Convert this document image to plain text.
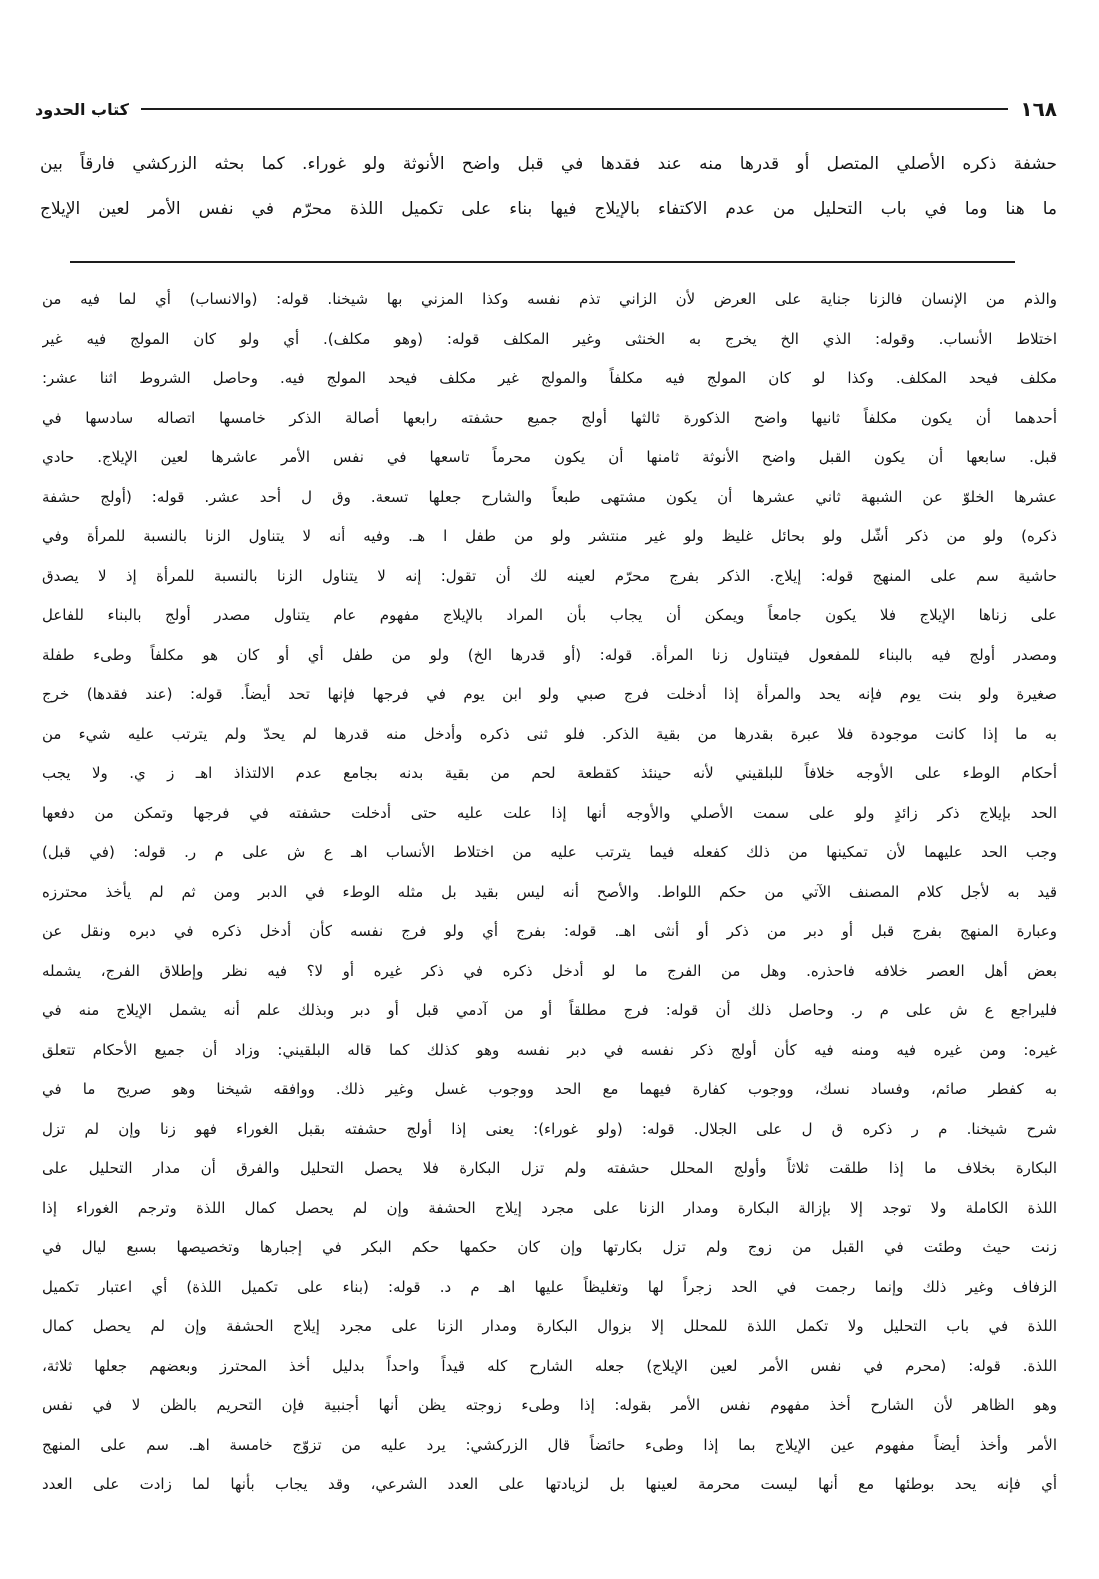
١٦٨
كتاب الحدود
حشفة ذكره الأصلي المتصل أو قدرها منه عند فقدها في قبل واضح الأنوثة ولو غوراء. كما بحثه الزركشي فارقاً بين
ما هنا وما في باب التحليل من عدم الاكتفاء بالإيلاج فيها بناء على تكميل اللذة محرّم في نفس الأمر لعين الإيلاج
والذم من الإنسان فالزنا جناية على العرض لأن الزاني تذم نفسه وكذا المزني بها شيخنا. قوله: (والانساب) أي لما فيه من
اختلاط الأنساب. وقوله: الذي الخ يخرج به الخنثى وغير المكلف قوله: (وهو مكلف). أي ولو كان المولج فيه غير
مكلف فيحد المكلف. وكذا لو كان المولج فيه مكلفاً والمولج غير مكلف فيحد المولج فيه. وحاصل الشروط اثنا عشر:
أحدهما أن يكون مكلفاً ثانيها واضح الذكورة ثالثها أولج جميع حشفته رابعها أصالة الذكر خامسها اتصاله سادسها في
قبل. سابعها أن يكون القبل واضح الأنوثة ثامنها أن يكون محرماً تاسعها في نفس الأمر عاشرها لعين الإيلاج. حادي
عشرها الخلوّ عن الشبهة ثاني عشرها أن يكون مشتهى طبعاً والشارح جعلها تسعة. وق ل أحد عشر. قوله: (أولج حشفة
ذكره) ولو من ذكر أشّل ولو بحائل غليظ ولو غير منتشر ولو من طفل ا هـ. وفيه أنه لا يتناول الزنا بالنسبة للمرأة وفي
حاشية سم على المنهج قوله: إيلاج. الذكر بفرج محرّم لعينه لك أن تقول: إنه لا يتناول الزنا بالنسبة للمرأة إذ لا يصدق
على زناها الإيلاج فلا يكون جامعاً ويمكن أن يجاب بأن المراد بالإيلاج مفهوم عام يتناول مصدر أولج بالبناء للفاعل
ومصدر أولج فيه بالبناء للمفعول فيتناول زنا المرأة. قوله: (أو قدرها الخ) ولو من طفل أي أو كان هو مكلفاً وطىء طفلة
صغيرة ولو بنت يوم فإنه يحد والمرأة إذا أدخلت فرج صبي ولو ابن يوم في فرجها فإنها تحد أيضاً. قوله: (عند فقدها) خرج
به ما إذا كانت موجودة فلا عبرة بقدرها من بقية الذكر. فلو ثنى ذكره وأدخل منه قدرها لم يحدّ ولم يترتب عليه شيء من
أحكام الوطء على الأوجه خلافاً للبلقيني لأنه حينئذ كقطعة لحم من بقية بدنه بجامع عدم الالتذاذ اهـ ز ي. ولا يجب
الحد بإيلاج ذكر زائدٍ ولو على سمت الأصلي والأوجه أنها إذا علت عليه حتى أدخلت حشفته في فرجها وتمكن من دفعها
وجب الحد عليهما لأن تمكينها من ذلك كفعله فيما يترتب عليه من اختلاط الأنساب اهـ ع ش على م ر. قوله: (في قبل)
قيد به لأجل كلام المصنف الآتي من حكم اللواط. والأصح أنه ليس بقيد بل مثله الوطء في الدبر ومن ثم لم يأخذ محترزه
وعبارة المنهج بفرج قبل أو دبر من ذكر أو أنثى اهـ. قوله: بفرج أي ولو فرج نفسه كأن أدخل ذكره في دبره ونقل عن
بعض أهل العصر خلافه فاحذره. وهل من الفرج ما لو أدخل ذكره في ذكر غيره أو لا؟ فيه نظر وإطلاق الفرج، يشمله
فليراجع ع ش على م ر. وحاصل ذلك أن قوله: فرج مطلقاً أو من آدمي قبل أو دبر وبذلك علم أنه يشمل الإيلاج منه في
غيره: ومن غيره فيه ومنه فيه كأن أولج ذكر نفسه في دبر نفسه وهو كذلك كما قاله البلقيني: وزاد أن جميع الأحكام تتعلق
به كفطر صائم، وفساد نسك، ووجوب كفارة فيهما مع الحد ووجوب غسل وغير ذلك. ووافقه شيخنا وهو صريح ما في
شرح شيخنا. م ر ذكره ق ل على الجلال. قوله: (ولو غوراء): يعنى إذا أولج حشفته بقبل الغوراء فهو زنا وإن لم تزل
البكارة بخلاف ما إذا طلقت ثلاثاً وأولج المحلل حشفته ولم تزل البكارة فلا يحصل التحليل والفرق أن مدار التحليل على
اللذة الكاملة ولا توجد إلا بإزالة البكارة ومدار الزنا على مجرد إيلاج الحشفة وإن لم يحصل كمال اللذة وترجم الغوراء إذا
زنت حيث وطئت في القبل من زوج ولم تزل بكارتها وإن كان حكمها حكم البكر في إجبارها وتخصيصها بسبع ليال في
الزفاف وغير ذلك وإنما رجمت في الحد زجراً لها وتغليظاً عليها اهـ م د. قوله: (بناء على تكميل اللذة) أي اعتبار تكميل
اللذة في باب التحليل ولا تكمل اللذة للمحلل إلا بزوال البكارة ومدار الزنا على مجرد إيلاج الحشفة وإن لم يحصل كمال
اللذة. قوله: (محرم في نفس الأمر لعين الإيلاج) جعله الشارح كله قيداً واحداً بدليل أخذ المحترز وبعضهم جعلها ثلاثة،
وهو الظاهر لأن الشارح أخذ مفهوم نفس الأمر بقوله: إذا وطىء زوجته يظن أنها أجنبية فإن التحريم بالظن لا في نفس
الأمر وأخذ أيضاً مفهوم عين الإيلاج بما إذا وطىء حائضاً قال الزركشي: يرد عليه من تزوّج خامسة اهـ. سم على المنهج
أي فإنه يحد بوطئها مع أنها ليست محرمة لعينها بل لزيادتها على العدد الشرعي، وقد يجاب بأنها لما زادت على العدد
